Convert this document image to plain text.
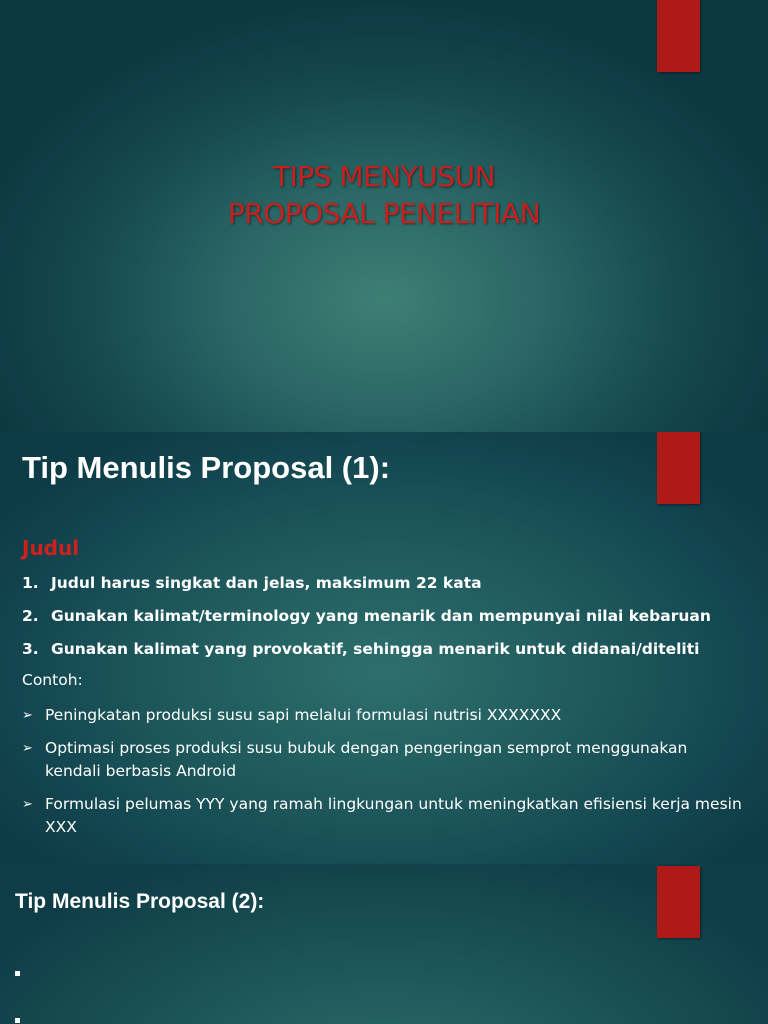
TIPS MENYUSUN
PROPOSAL PENELITIAN
Tip Menulis Proposal (1):
Judul
1. Judul harus singkat dan jelas, maksimum 22 kata
2. Gunakan kalimat/terminology yang menarik dan mempunyai nilai kebaruan
3. Gunakan kalimat yang provokatif, sehingga menarik untuk didanai/diteliti
Contoh:
➢ Peningkatan produksi susu sapi melalui formulasi nutrisi XXXXXXX
➢ Optimasi proses produksi susu bubuk dengan pengeringan semprot menggunakan kendali berbasis Android
➢ Formulasi pelumas YYY yang ramah lingkungan untuk meningkatkan efisiensi kerja mesin XXX
Tip Menulis Proposal (2):
